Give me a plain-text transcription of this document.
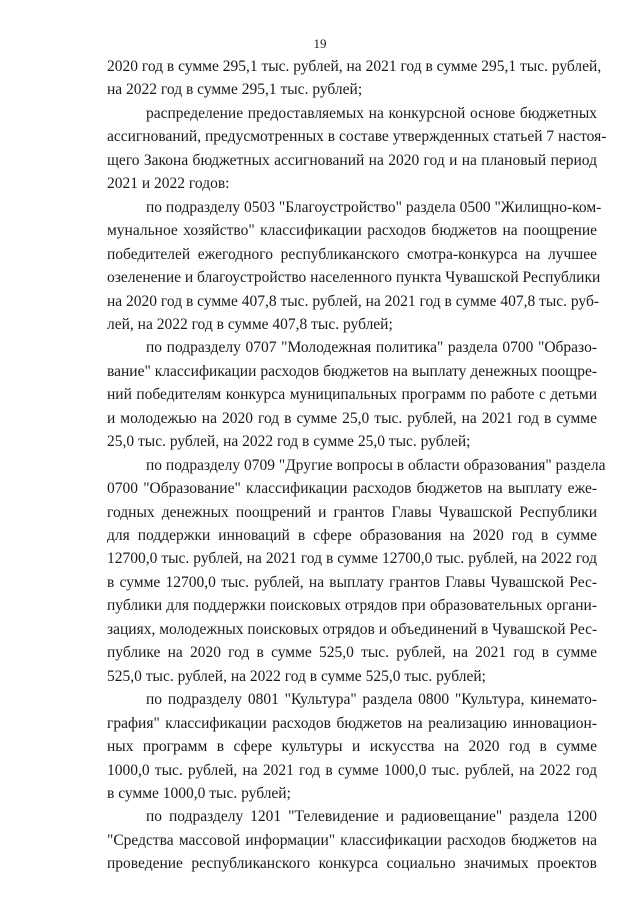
19
2020 год в сумме 295,1 тыс. рублей, на 2021 год в сумме 295,1 тыс. рублей,
на 2022 год в сумме 295,1 тыс. рублей;
распределение предоставляемых на конкурсной основе бюджетных
ассигнований, предусмотренных в составе утвержденных статьей 7 настоя-
щего Закона бюджетных ассигнований на 2020 год и на плановый период
2021 и 2022 годов:
по подразделу 0503 "Благоустройство" раздела 0500 "Жилищно-ком-
мунальное хозяйство" классификации расходов бюджетов на поощрение
победителей ежегодного республиканского смотра-конкурса на лучшее
озеленение и благоустройство населенного пункта Чувашской Республики
на 2020 год в сумме 407,8 тыс. рублей, на 2021 год в сумме 407,8 тыс. руб-
лей, на 2022 год в сумме 407,8 тыс. рублей;
по подразделу 0707 "Молодежная политика" раздела 0700 "Образо-
вание" классификации расходов бюджетов на выплату денежных поощре-
ний победителям конкурса муниципальных программ по работе с детьми
и молодежью на 2020 год в сумме 25,0 тыс. рублей, на 2021 год в сумме
25,0 тыс. рублей, на 2022 год в сумме 25,0 тыс. рублей;
по подразделу 0709 "Другие вопросы в области образования" раздела
0700 "Образование" классификации расходов бюджетов на выплату еже-
годных денежных поощрений и грантов Главы Чувашской Республики
для поддержки инноваций в сфере образования на 2020 год в сумме
12700,0 тыс. рублей, на 2021 год в сумме 12700,0 тыс. рублей, на 2022 год
в сумме 12700,0 тыс. рублей, на выплату грантов Главы Чувашской Рес-
публики для поддержки поисковых отрядов при образовательных органи-
зациях, молодежных поисковых отрядов и объединений в Чувашской Рес-
публике на 2020 год в сумме 525,0 тыс. рублей, на 2021 год в сумме
525,0 тыс. рублей, на 2022 год в сумме 525,0 тыс. рублей;
по подразделу 0801 "Культура" раздела 0800 "Культура, кинемато-
графия" классификации расходов бюджетов на реализацию инновацион-
ных программ в сфере культуры и искусства на 2020 год в сумме
1000,0 тыс. рублей, на 2021 год в сумме 1000,0 тыс. рублей, на 2022 год
в сумме 1000,0 тыс. рублей;
по подразделу 1201 "Телевидение и радиовещание" раздела 1200
"Средства массовой информации" классификации расходов бюджетов на
проведение республиканского конкурса социально значимых проектов
